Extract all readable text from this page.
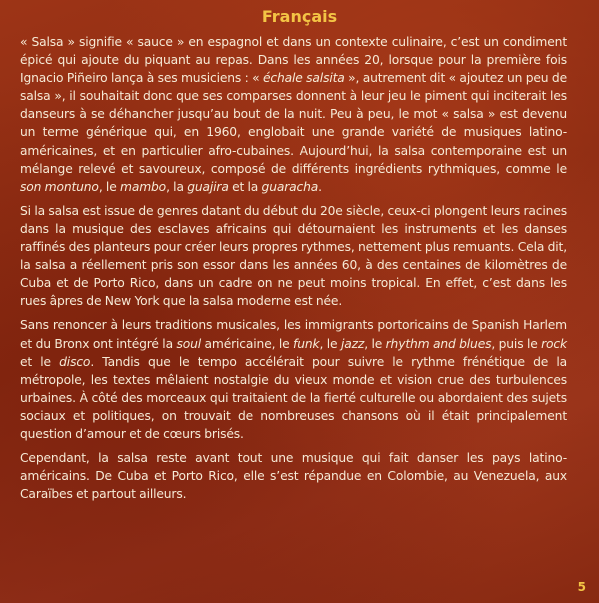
Français

« Salsa » signifie « sauce » en espagnol et dans un contexte culinaire, c’est un condiment épicé qui ajoute du piquant au repas. Dans les années 20, lorsque pour la première fois Ignacio Piñeiro lança à ses musiciens : « échale salsita », autrement dit « ajoutez un peu de salsa », il souhaitait donc que ses comparses donnent à leur jeu le piment qui inciterait les danseurs à se déhancher jusqu’au bout de la nuit. Peu à peu, le mot « salsa » est devenu un terme générique qui, en 1960, englobait une grande variété de musiques latino-américaines, et en particulier afro-cubaines. Aujourd’hui, la salsa contemporaine est un mélange relevé et savoureux, composé de différents ingrédients rythmiques, comme le son montuno, le mambo, la guajira et la guaracha.

Si la salsa est issue de genres datant du début du 20e siècle, ceux-ci plongent leurs racines dans la musique des esclaves africains qui détournaient les instruments et les danses raffinés des planteurs pour créer leurs propres rythmes, nettement plus remuants. Cela dit, la salsa a réellement pris son essor dans les années 60, à des centaines de kilomètres de Cuba et de Porto Rico, dans un cadre on ne peut moins tropical. En effet, c’est dans les rues âpres de New York que la salsa moderne est née.

Sans renoncer à leurs traditions musicales, les immigrants portoricains de Spanish Harlem et du Bronx ont intégré la soul américaine, le funk, le jazz, le rhythm and blues, puis le rock et le disco. Tandis que le tempo accélérait pour suivre le rythme frénétique de la métropole, les textes mêlaient nostalgie du vieux monde et vision crue des turbulences urbaines. À côté des morceaux qui traitaient de la fierté culturelle ou abordaient des sujets sociaux et politiques, on trouvait de nombreuses chansons où il était principalement question d’amour et de cœurs brisés.

Cependant, la salsa reste avant tout une musique qui fait danser les pays latino-américains. De Cuba et Porto Rico, elle s’est répandue en Colombie, au Venezuela, aux Caraïbes et partout ailleurs.

5
